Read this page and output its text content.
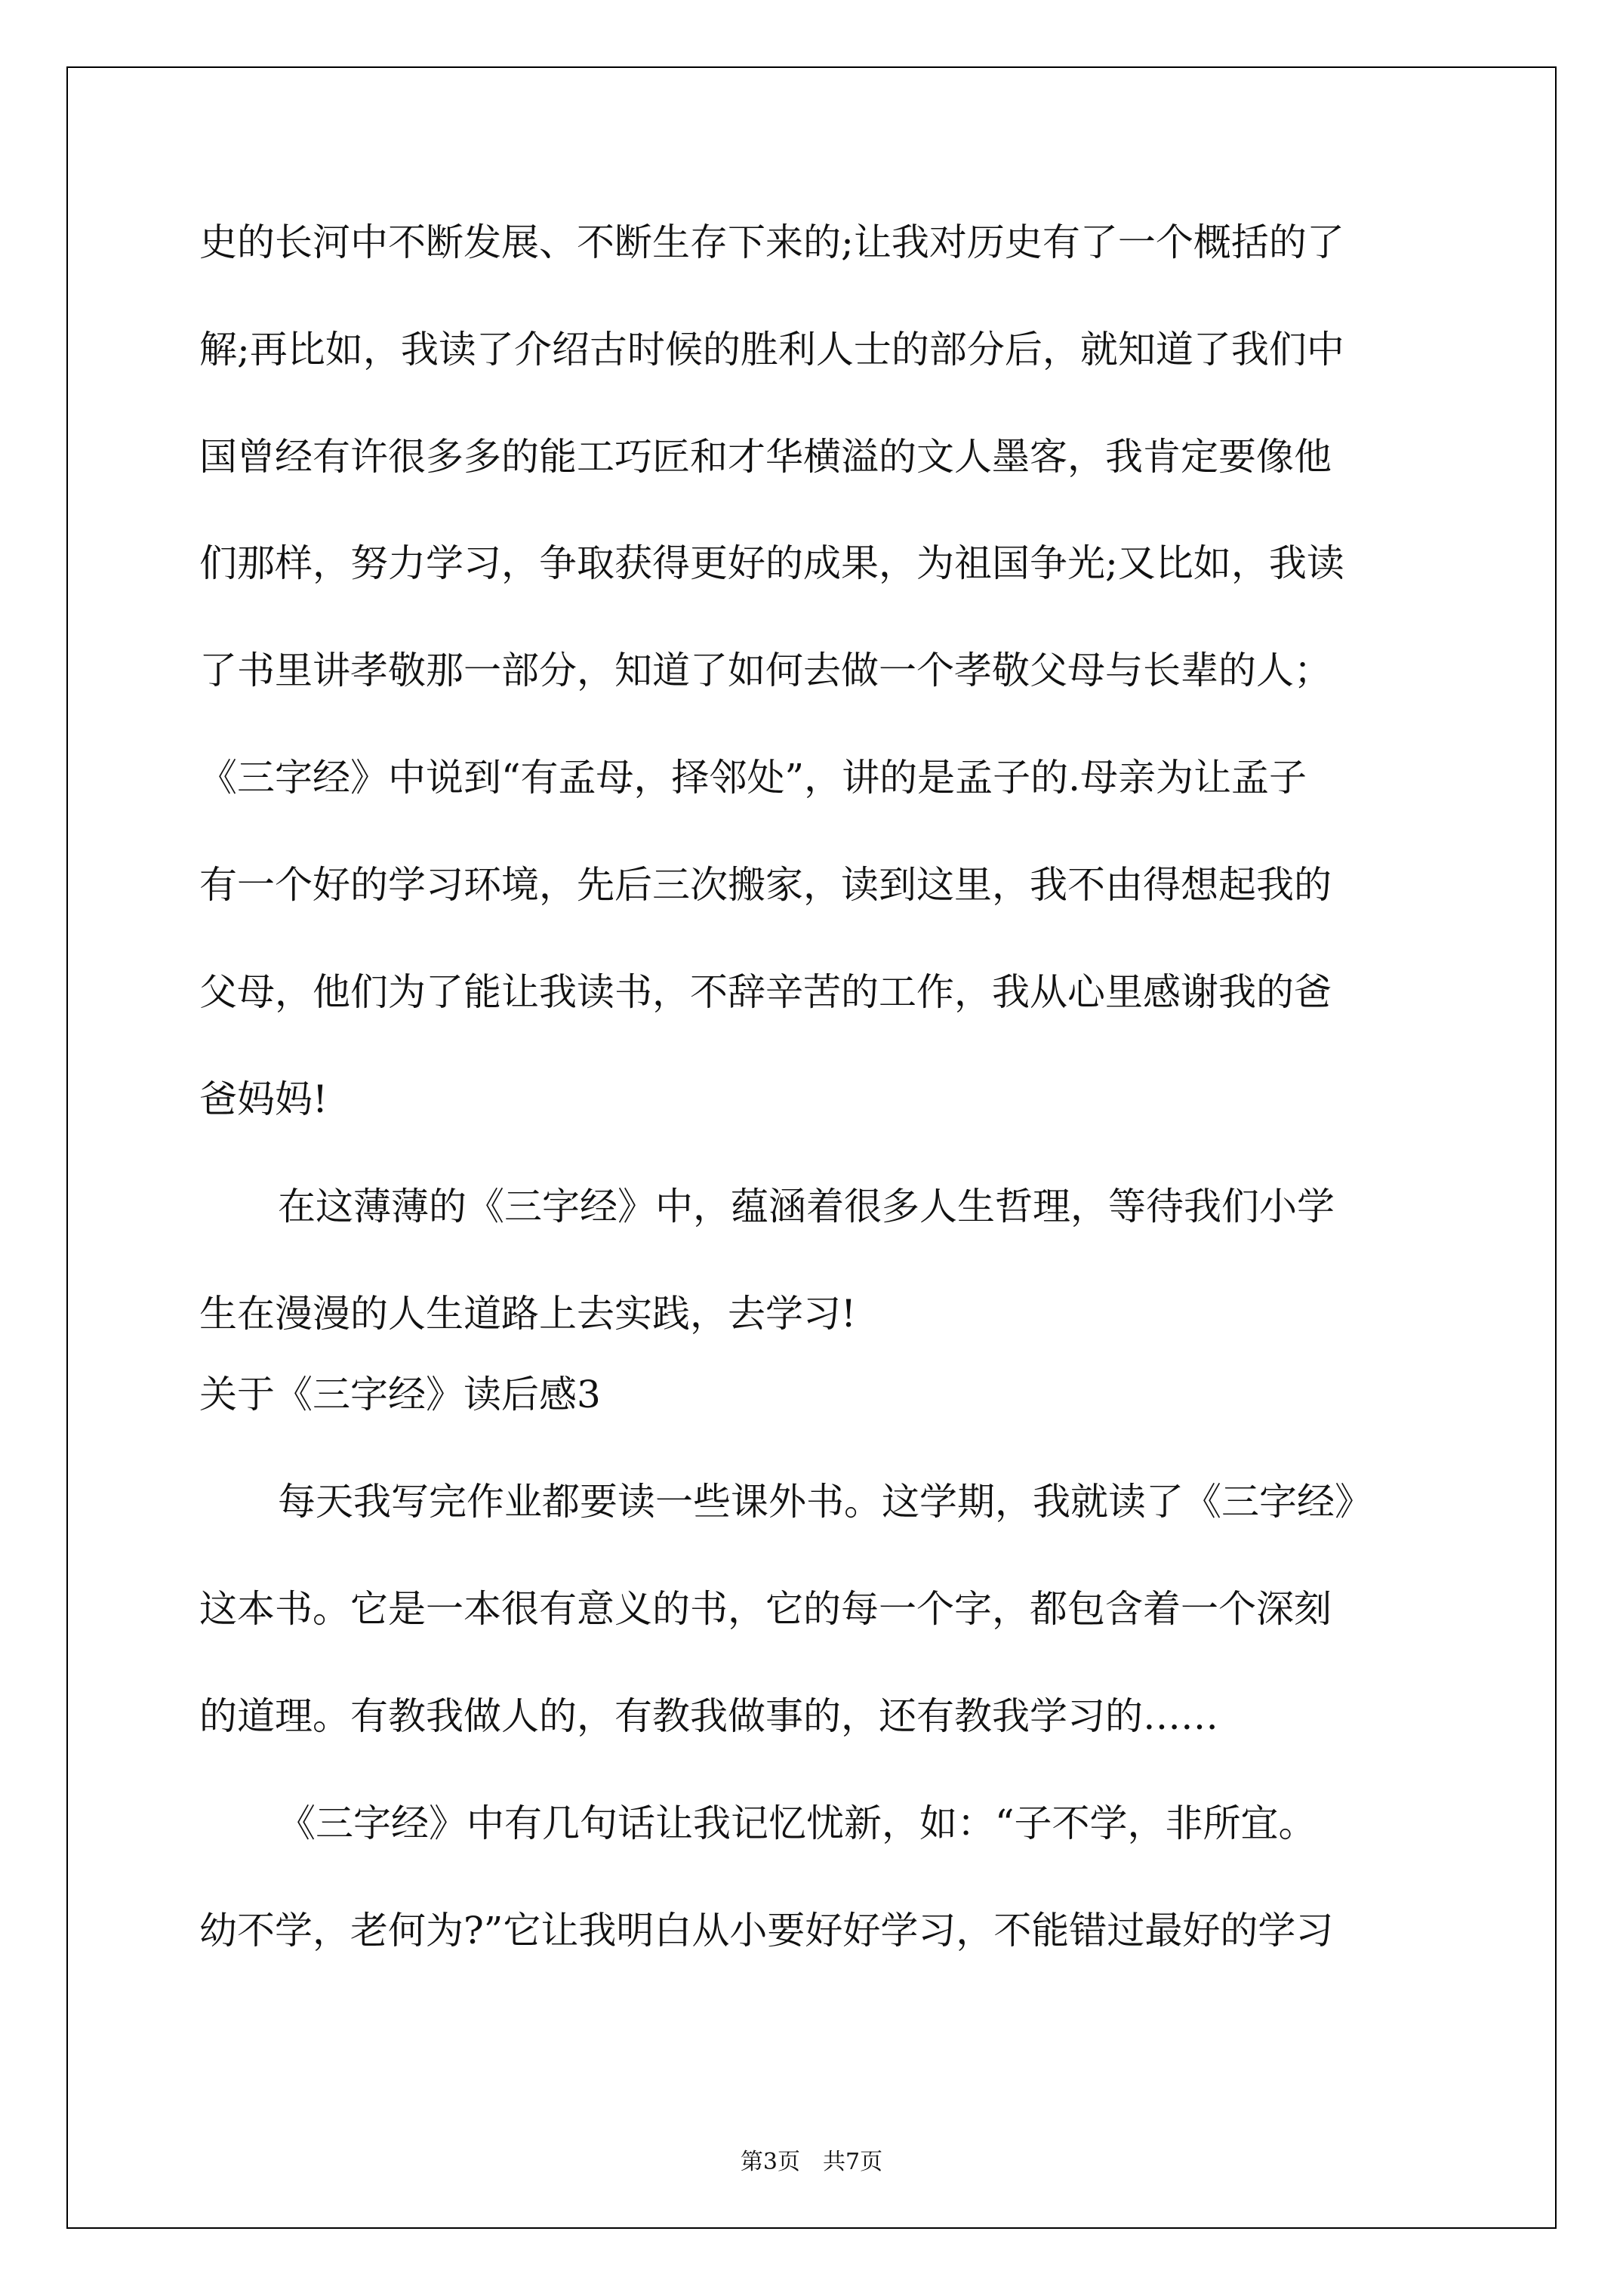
史的长河中不断发展、不断生存下来的;让我对历史有了一个概括的了
解;再比如，我读了介绍古时候的胜利人士的部分后，就知道了我们中
国曾经有许很多多的能工巧匠和才华横溢的文人墨客，我肯定要像他
们那样，努力学习，争取获得更好的成果，为祖国争光;又比如，我读
了书里讲孝敬那一部分，知道了如何去做一个孝敬父母与长辈的人；
《三字经》中说到“有孟母，择邻处”，讲的是孟子的.母亲为让孟子
有一个好的学习环境，先后三次搬家，读到这里，我不由得想起我的
父母，他们为了能让我读书，不辞辛苦的工作，我从心里感谢我的爸
爸妈妈!
在这薄薄的《三字经》中，蕴涵着很多人生哲理，等待我们小学
生在漫漫的人生道路上去实践，去学习!
关于《三字经》读后感3
每天我写完作业都要读一些课外书。这学期，我就读了《三字经》
这本书。它是一本很有意义的书，它的每一个字，都包含着一个深刻
的道理。有教我做人的，有教我做事的，还有教我学习的……
《三字经》中有几句话让我记忆忧新，如：“子不学，非所宜。
幼不学，老何为?”它让我明白从小要好好学习，不能错过最好的学习
第3页　共7页
